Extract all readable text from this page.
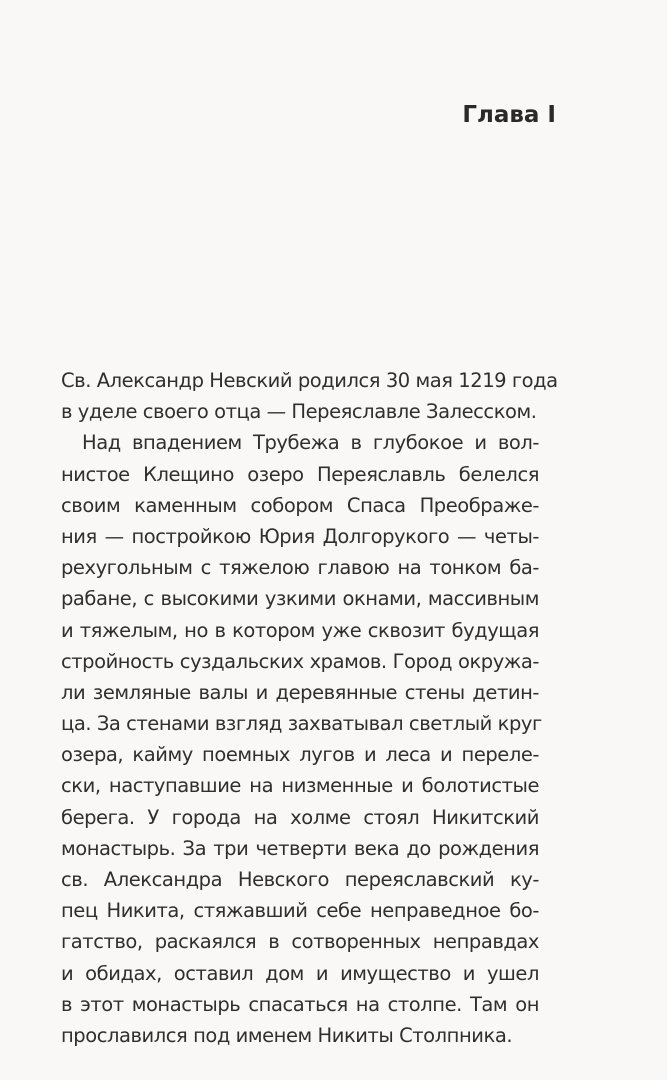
Глава I
Св. Александр Невский родился 30 мая 1219 года
в уделе своего отца — Переяславле Залесском.
Над впадением Трубежа в глубокое и вол-
нистое Клещино озеро Переяславль белелся
своим каменным собором Спаса Преображе-
ния — постройкою Юрия Долгорукого — четы-
рехугольным с тяжелою главою на тонком ба-
рабане, с высокими узкими окнами, массивным
и тяжелым, но в котором уже сквозит будущая
стройность суздальских храмов. Город окружа-
ли земляные валы и деревянные стены детин-
ца. За стенами взгляд захватывал светлый круг
озера, кайму поемных лугов и леса и переле-
ски, наступавшие на низменные и болотистые
берега. У города на холме стоял Никитский
монастырь. За три четверти века до рождения
св. Александра Невского переяславский ку-
пец Никита, стяжавший себе неправедное бо-
гатство, раскаялся в сотворенных неправдах
и обидах, оставил дом и имущество и ушел
в этот монастырь спасаться на столпе. Там он
прославился под именем Никиты Столпника.
